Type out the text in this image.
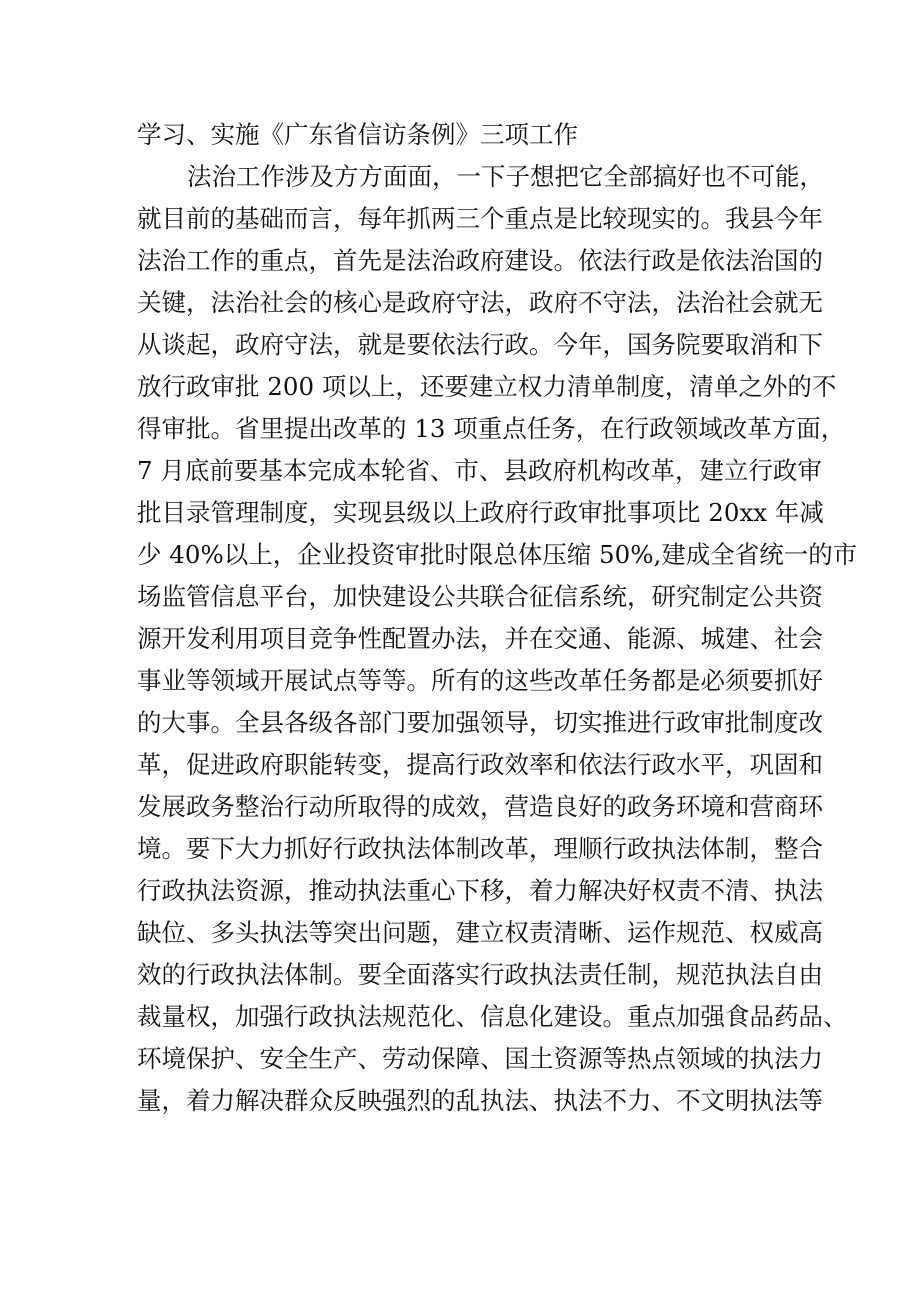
学习、实施《广东省信访条例》三项工作
法治工作涉及方方面面，一下子想把它全部搞好也不可能，
就目前的基础而言，每年抓两三个重点是比较现实的。我县今年
法治工作的重点，首先是法治政府建设。依法行政是依法治国的
关键，法治社会的核心是政府守法，政府不守法，法治社会就无
从谈起，政府守法，就是要依法行政。今年，国务院要取消和下
放行政审批 200 项以上，还要建立权力清单制度，清单之外的不
得审批。省里提出改革的 13 项重点任务，在行政领域改革方面，
7 月底前要基本完成本轮省、市、县政府机构改革，建立行政审
批目录管理制度，实现县级以上政府行政审批事项比 20xx 年减
少 40%以上，企业投资审批时限总体压缩 50%,建成全省统一的市
场监管信息平台，加快建设公共联合征信系统，研究制定公共资
源开发利用项目竞争性配置办法，并在交通、能源、城建、社会
事业等领域开展试点等等。所有的这些改革任务都是必须要抓好
的大事。全县各级各部门要加强领导，切实推进行政审批制度改
革，促进政府职能转变，提高行政效率和依法行政水平，巩固和
发展政务整治行动所取得的成效，营造良好的政务环境和营商环
境。要下大力抓好行政执法体制改革，理顺行政执法体制，整合
行政执法资源，推动执法重心下移，着力解决好权责不清、执法
缺位、多头执法等突出问题，建立权责清晰、运作规范、权威高
效的行政执法体制。要全面落实行政执法责任制，规范执法自由
裁量权，加强行政执法规范化、信息化建设。重点加强食品药品、
环境保护、安全生产、劳动保障、国土资源等热点领域的执法力
量，着力解决群众反映强烈的乱执法、执法不力、不文明执法等
